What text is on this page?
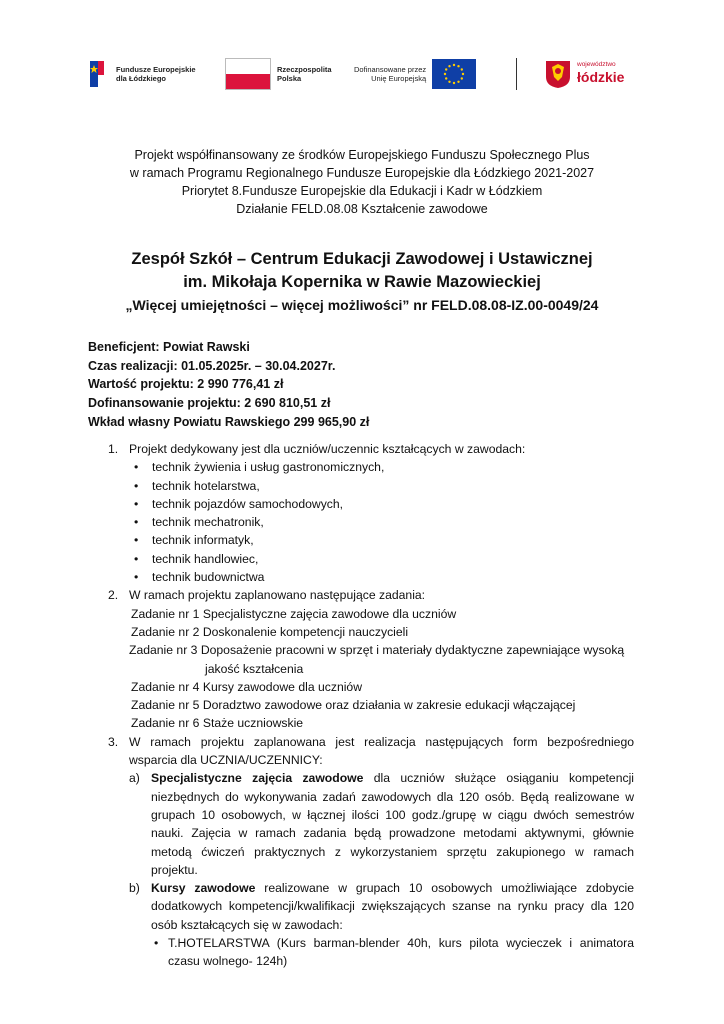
Fundusze Europejskie
dla Łódzkiego
Rzeczpospolita
Polska
Dofinansowane przez
Unię Europejską
województwo
łódzkie
Projekt współfinansowany ze środków Europejskiego Funduszu Społecznego Plus
w ramach Programu Regionalnego Fundusze Europejskie dla Łódzkiego 2021-2027
Priorytet 8.Fundusze Europejskie dla Edukacji i Kadr w Łódzkiem
Działanie FELD.08.08 Kształcenie zawodowe
Zespół Szkół – Centrum Edukacji Zawodowej i Ustawicznej
im. Mikołaja Kopernika w Rawie Mazowieckiej
„Więcej umiejętności – więcej możliwości” nr FELD.08.08-IZ.00-0049/24
Beneficjent: Powiat Rawski
Czas realizacji: 01.05.2025r. – 30.04.2027r.
Wartość projektu: 2 990 776,41 zł
Dofinansowanie projektu: 2 690 810,51 zł
Wkład własny Powiatu Rawskiego 299 965,90 zł
1. Projekt dedykowany jest dla uczniów/uczennic kształcących w zawodach:
• technik żywienia i usług gastronomicznych,
• technik hotelarstwa,
• technik pojazdów samochodowych,
• technik mechatronik,
• technik informatyk,
• technik handlowiec,
• technik budownictwa
2. W ramach projektu zaplanowano następujące zadania:
Zadanie nr 1 Specjalistyczne zajęcia zawodowe dla uczniów
Zadanie nr 2 Doskonalenie kompetencji nauczycieli
Zadanie nr 3 Doposażenie pracowni w sprzęt i materiały dydaktyczne zapewniające wysoką
jakość kształcenia
Zadanie nr 4 Kursy zawodowe dla uczniów
Zadanie nr 5 Doradztwo zawodowe oraz działania w zakresie edukacji włączającej
Zadanie nr 6 Staże uczniowskie
3. W ramach projektu zaplanowana jest realizacja następujących form bezpośredniego wsparcia dla UCZNIA/UCZENNICY:
a) Specjalistyczne zajęcia zawodowe dla uczniów służące osiąganiu kompetencji niezbędnych do wykonywania zadań zawodowych dla 120 osób. Będą realizowane w grupach 10 osobowych, w łącznej ilości 100 godz./grupę w ciągu dwóch semestrów nauki. Zajęcia w ramach zadania będą prowadzone metodami aktywnymi, głównie metodą ćwiczeń praktycznych z wykorzystaniem sprzętu zakupionego w ramach projektu.
b) Kursy zawodowe realizowane w grupach 10 osobowych umożliwiające zdobycie dodatkowych kompetencji/kwalifikacji zwiększających szanse na rynku pracy dla 120 osób kształcących się w zawodach:
• T.HOTELARSTWA (Kurs barman-blender 40h, kurs pilota wycieczek i animatora czasu wolnego- 124h)
